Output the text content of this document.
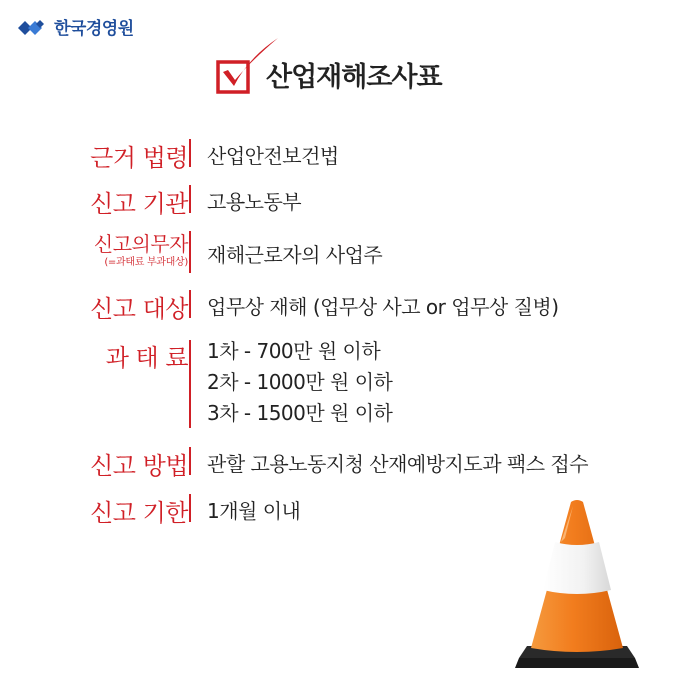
한국경영원
산업재해조사표
근거 법령 산업안전보건법
신고 기관 고용노동부
신고의무자
(=과태료 부과대상) 재해근로자의 사업주
신고 대상 업무상 재해 (업무상 사고 or 업무상 질병)
과 태 료 1차 - 700만 원 이하
2차 - 1000만 원 이하
3차 - 1500만 원 이하
신고 방법 관할 고용노동지청 산재예방지도과 팩스 접수
신고 기한 1개월 이내
